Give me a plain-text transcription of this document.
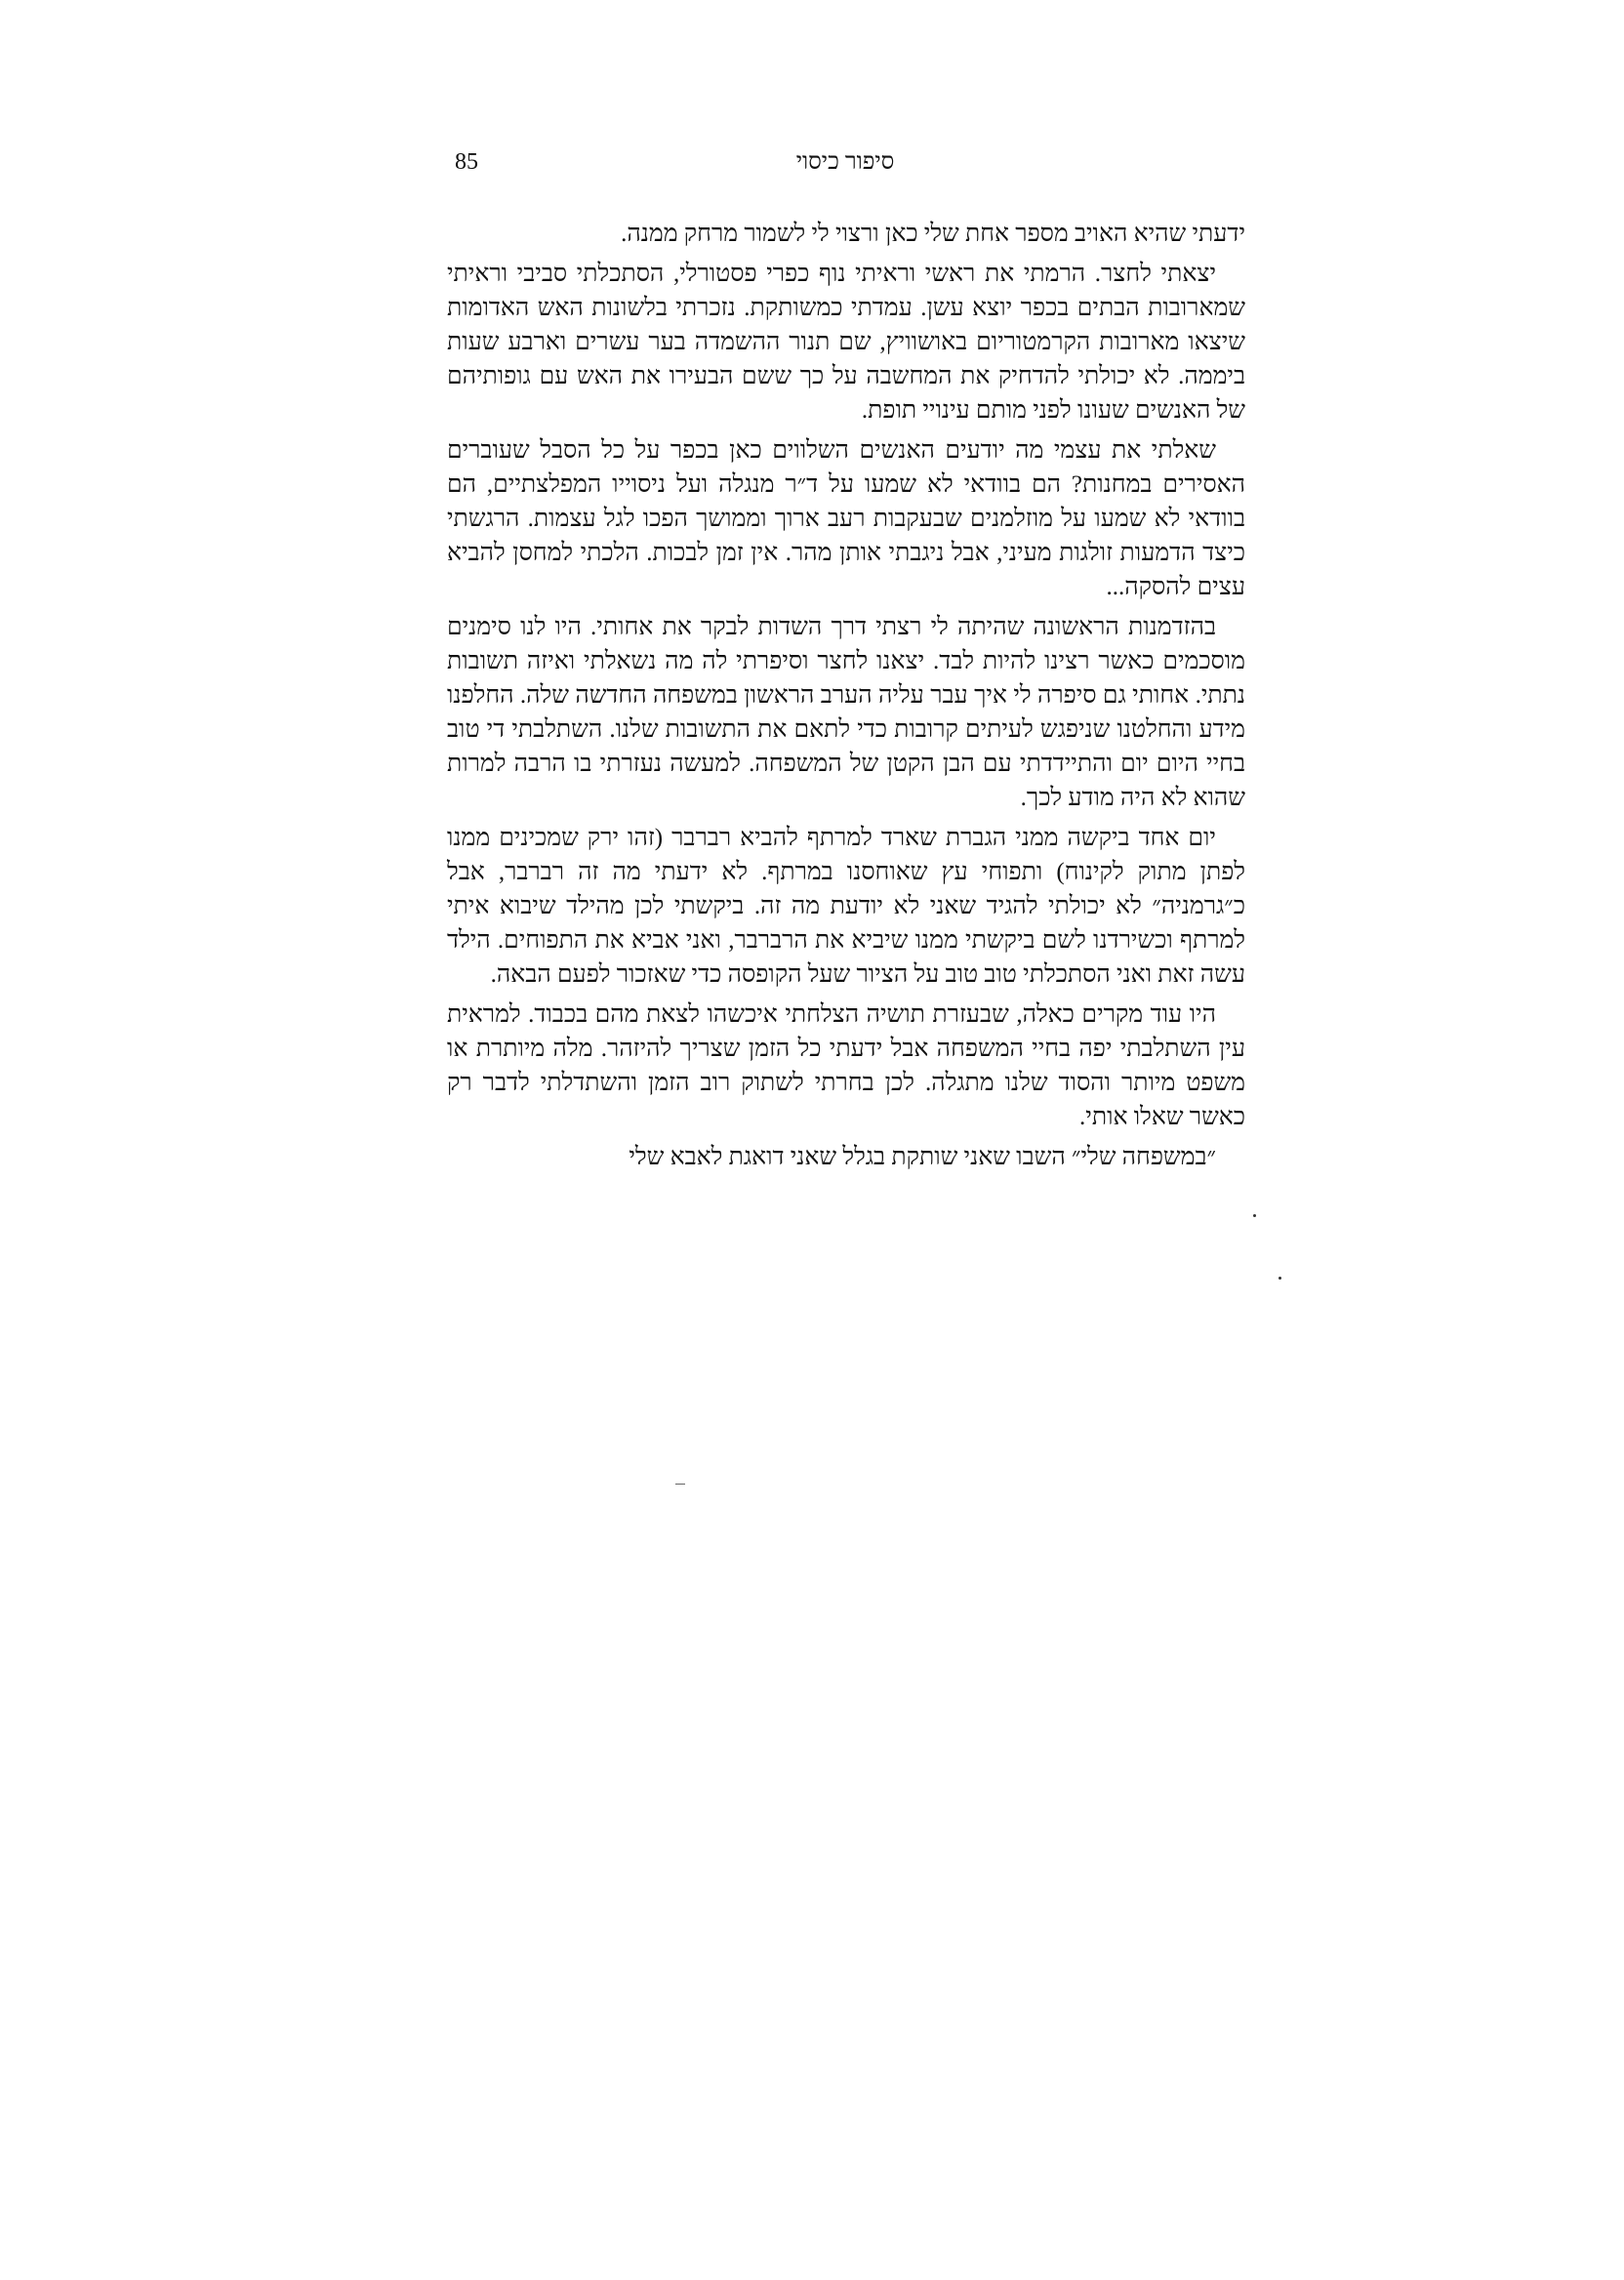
85	סיפור כיסוי

ידעתי שהיא האויב מספר אחת שלי כאן ורצוי לי לשמור מרחק ממנה.

יצאתי לחצר. הרמתי את ראשי וראיתי נוף כפרי פסטורלי, הסתכלתי סביבי וראיתי שמארובות הבתים בכפר יוצא עשן. עמדתי כמשותקת. נזכרתי בלשונות האש האדומות שיצאו מארובות הקרמטוריום באושוויץ, שם תנור ההשמדה בער עשרים וארבע שעות ביממה. לא יכולתי להדחיק את המחשבה על כך ששם הבעירו את האש עם גופותיהם של האנשים שעונו לפני מותם עינויי תופת.

שאלתי את עצמי מה יודעים האנשים השלווים כאן בכפר על כל הסבל שעוברים האסירים במחנות? הם בוודאי לא שמעו על ד״ר מנגלה ועל ניסוייו המפלצתיים, הם בוודאי לא שמעו על מוזלמנים שבעקבות רעב ארוך וממושך הפכו לגל עצמות. הרגשתי כיצד הדמעות זולגות מעיני, אבל ניגבתי אותן מהר. אין זמן לבכות. הלכתי למחסן להביא עצים להסקה...

בהזדמנות הראשונה שהיתה לי רצתי דרך השדות לבקר את אחותי. היו לנו סימנים מוסכמים כאשר רצינו להיות לבד. יצאנו לחצר וסיפרתי לה מה נשאלתי ואיזה תשובות נתתי. אחותי גם סיפרה לי איך עבר עליה הערב הראשון במשפחה החדשה שלה. החלפנו מידע והחלטנו שניפגש לעיתים קרובות כדי לתאם את התשובות שלנו. השתלבתי די טוב בחיי היום יום והתיידדתי עם הבן הקטן של המשפחה. למעשה נעזרתי בו הרבה למרות שהוא לא היה מודע לכך.

יום אחד ביקשה ממני הגברת שארד למרתף להביא רברבר (זהו ירק שמכינים ממנו לפתן מתוק לקינוח) ותפוחי עץ שאוחסנו במרתף. לא ידעתי מה זה רברבר, אבל כ״גרמניה״ לא יכולתי להגיד שאני לא יודעת מה זה. ביקשתי לכן מהילד שיבוא איתי למרתף וכשירדנו לשם ביקשתי ממנו שיביא את הרברבר, ואני אביא את התפוחים. הילד עשה זאת ואני הסתכלתי טוב טוב על הציור שעל הקופסה כדי שאזכור לפעם הבאה.

היו עוד מקרים כאלה, שבעזרת תושיה הצלחתי איכשהו לצאת מהם בכבוד. למראית עין השתלבתי יפה בחיי המשפחה אבל ידעתי כל הזמן שצריך להיזהר. מלה מיותרת או משפט מיותר והסוד שלנו מתגלה. לכן בחרתי לשתוק רוב הזמן והשתדלתי לדבר רק כאשר שאלו אותי.

״במשפחה שלי״ השבו שאני שותקת בגלל שאני דואגת לאבא שלי
